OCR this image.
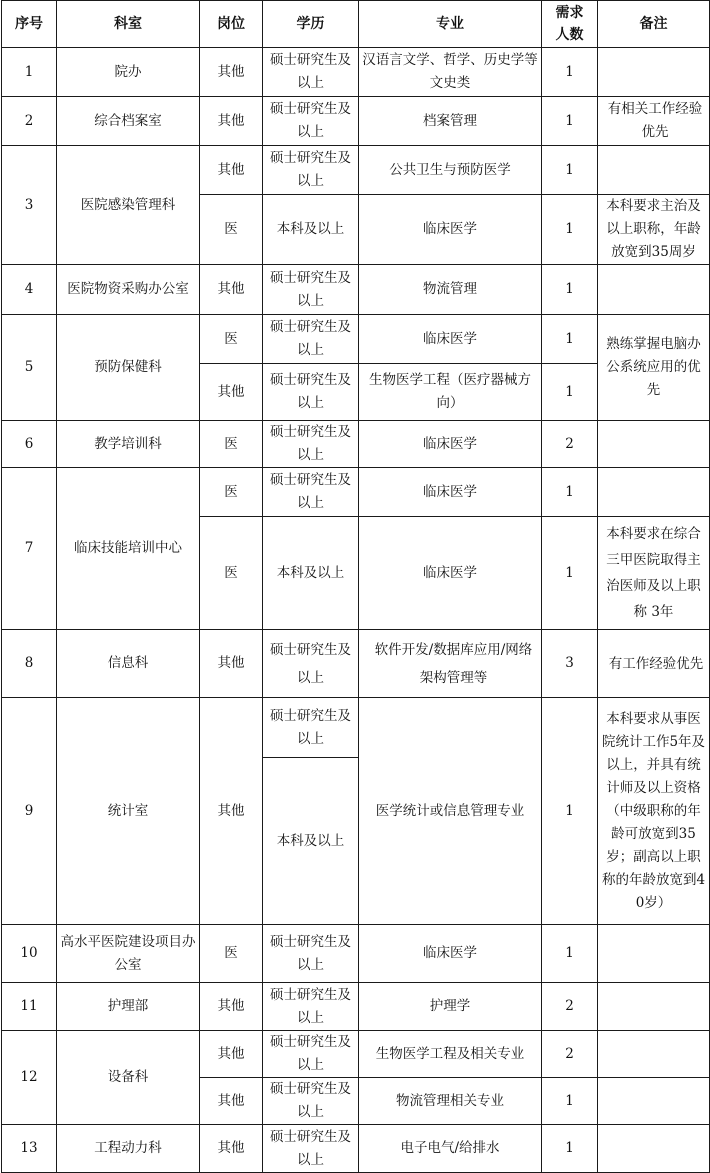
序号	科室	岗位	学历	专业	需求人数	备注
1	院办	其他	硕士研究生及以上	汉语言文学、哲学、历史学等文史类	1	
2	综合档案室	其他	硕士研究生及以上	档案管理	1	有相关工作经验优先
3	医院感染管理科	其他	硕士研究生及以上	公共卫生与预防医学	1	
		医	本科及以上	临床医学	1	本科要求主治及以上职称，年龄放宽到35周岁
4	医院物资采购办公室	其他	硕士研究生及以上	物流管理	1	
5	预防保健科	医	硕士研究生及以上	临床医学	1	熟练掌握电脑办公系统应用的优先
		其他	硕士研究生及以上	生物医学工程（医疗器械方向）	1	
6	教学培训科	医	硕士研究生及以上	临床医学	2	
7	临床技能培训中心	医	硕士研究生及以上	临床医学	1	
		医	本科及以上	临床医学	1	本科要求在综合三甲医院取得主治医师及以上职称 3年
8	信息科	其他	硕士研究生及以上	软件开发/数据库应用/网络架构管理等	3	有工作经验优先
9	统计室	其他	硕士研究生及以上	医学统计或信息管理专业	1	本科要求从事医院统计工作5年及以上，并具有统计师及以上资格（中级职称的年龄可放宽到35岁；副高以上职称的年龄放宽到40岁）
			本科及以上			
10	高水平医院建设项目办公室	医	硕士研究生及以上	临床医学	1	
11	护理部	其他	硕士研究生及以上	护理学	2	
12	设备科	其他	硕士研究生及以上	生物医学工程及相关专业	2	
		其他	硕士研究生及以上	物流管理相关专业	1	
13	工程动力科	其他	硕士研究生及以上	电子电气/给排水	1	
